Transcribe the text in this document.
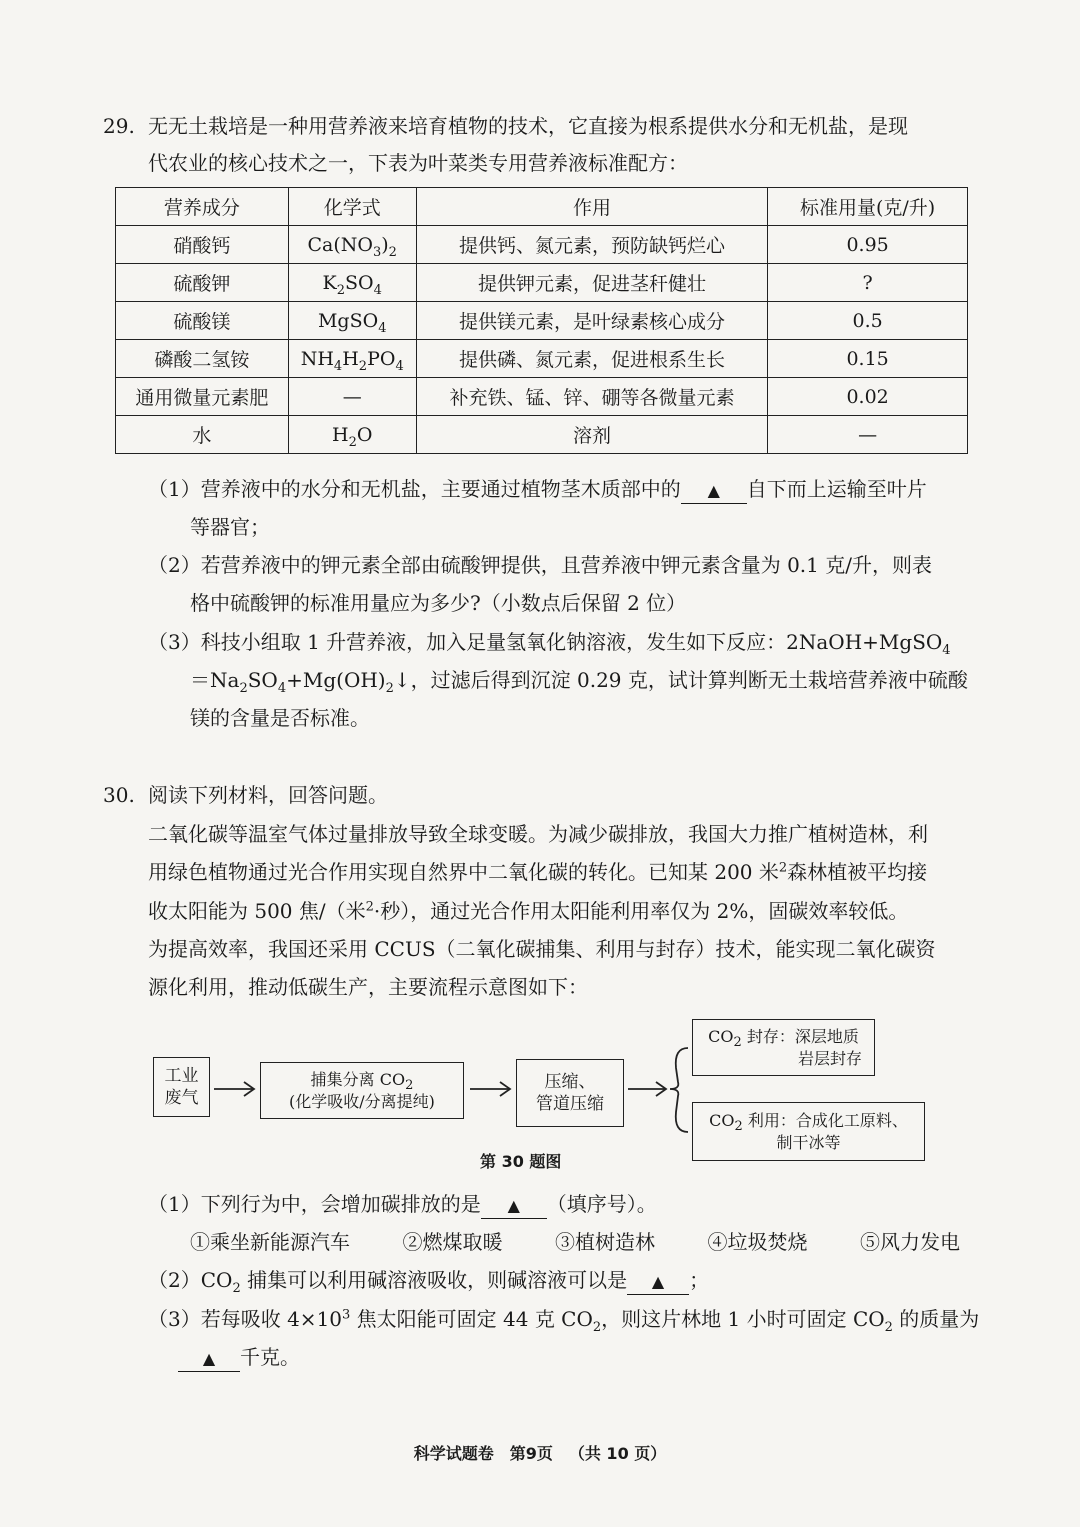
29. 无无土栽培是一种用营养液来培育植物的技术，它直接为根系提供水分和无机盐，是现
代农业的核心技术之一，下表为叶菜类专用营养液标准配方：
营养成分	化学式	作用	标准用量(克/升)
硝酸钙	$Ca(NO_3)_2$	提供钙、氮元素，预防缺钙烂心	0.95
硫酸钾	$K_2SO_4$	提供钾元素，促进茎秆健壮	?
硫酸镁	MgSO$_4$	提供镁元素，是叶绿素核心成分	0.5
磷酸二氢铵	$NH_4H_2PO_4$	提供磷、氮元素，促进根系生长	0.15
通用微量元素肥	—	补充铁、锰、锌、硼等各微量元素	0.02
水	$H_2O$	溶剂	—
（1）营养液中的水分和无机盐，主要通过植物茎木质部中的 ▲ 自下而上运输至叶片
等器官；
（2）若营养液中的钾元素全部由硫酸钾提供，且营养液中钾元素含量为 0.1 克/升，则表
格中硫酸钾的标准用量应为多少?（小数点后保留 2 位）
（3）科技小组取 1 升营养液，加入足量氢氧化钠溶液，发生如下反应：2NaOH+MgSO$_4$
$=Na_2SO_4+Mg(OH)_2↓$，过滤后得到沉淀 0.29 克，试计算判断无土栽培营养液中硫酸
镁的含量是否标准。
30. 阅读下列材料，回答问题。
二氧化碳等温室气体过量排放导致全球变暖。为减少碳排放，我国大力推广植树造林，利
用绿色植物通过光合作用实现自然界中二氧化碳的转化。已知某 200 米$^2$森林植被平均接
收太阳能为 500 焦/（米$^2$·秒），通过光合作用太阳能利用率仅为 2%，固碳效率较低。
为提高效率，我国还采用 CCUS（二氧化碳捕集、利用与封存）技术，能实现二氧化碳资
源化利用，推动低碳生产，主要流程示意图如下：
工业
废气
捕集分离 $CO_2$
(化学吸收/分离提纯)
压缩、
管道压缩
$CO_2$ 封存：深层地质
岩层封存
$CO_2$ 利用：合成化工原料、
制干冰等
第 30 题图
（1）下列行为中，会增加碳排放的是 ▲ （填序号）。
①乘坐新能源汽车	②燃煤取暖	③植树造林	④垃圾焚烧	⑤风力发电
$(2)CO_2$ 捕集可以利用碱溶液吸收，则碱溶液可以是 ▲ ；
（3）若每吸收 $4\times 10^3$ 焦太阳能可固定 44 克 $CO_2$，则这片林地 1 小时可固定 $CO_2$ 的质量为
▲ 千克。
科学试题卷 第9页 （共 10 页）
